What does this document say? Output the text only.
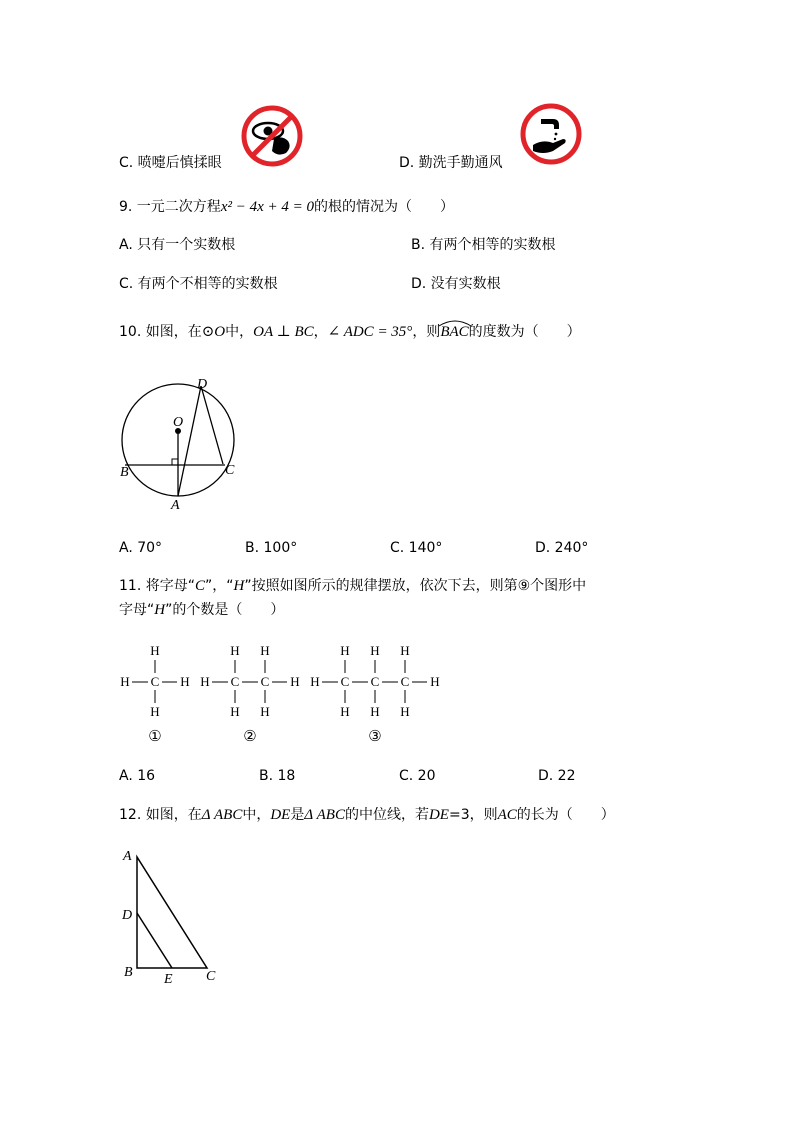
C. 喷嚏后慎揉眼	D. 勤洗手勤通风
9. 一元二次方程x² − 4x + 4 = 0的根的情况为（　　）
A. 只有一个实数根	B. 有两个相等的实数根
C. 有两个不相等的实数根	D. 没有实数根
10. 如图，在⊙O中，OA ⊥ BC，∠ ADC = 35°，则BAC
的度数为（　　）
D
O
B	C
A
A. 70°	B. 100°	C. 140°	D. 240°
11. 将字母“C”，“H”按照如图所示的规律摆放，依次下去，则第⑨个图形中
字母“H”的个数是（　　）
H
H C H
H
H H
H C C H
H H
H H H
H C C C H
H H H
①	②	③
A. 16	B. 18	C. 20	D. 22
12. 如图，在Δ ABC中，DE是Δ ABC的中位线，若DE=3，则AC的长为（　　）
A
D
B E C
